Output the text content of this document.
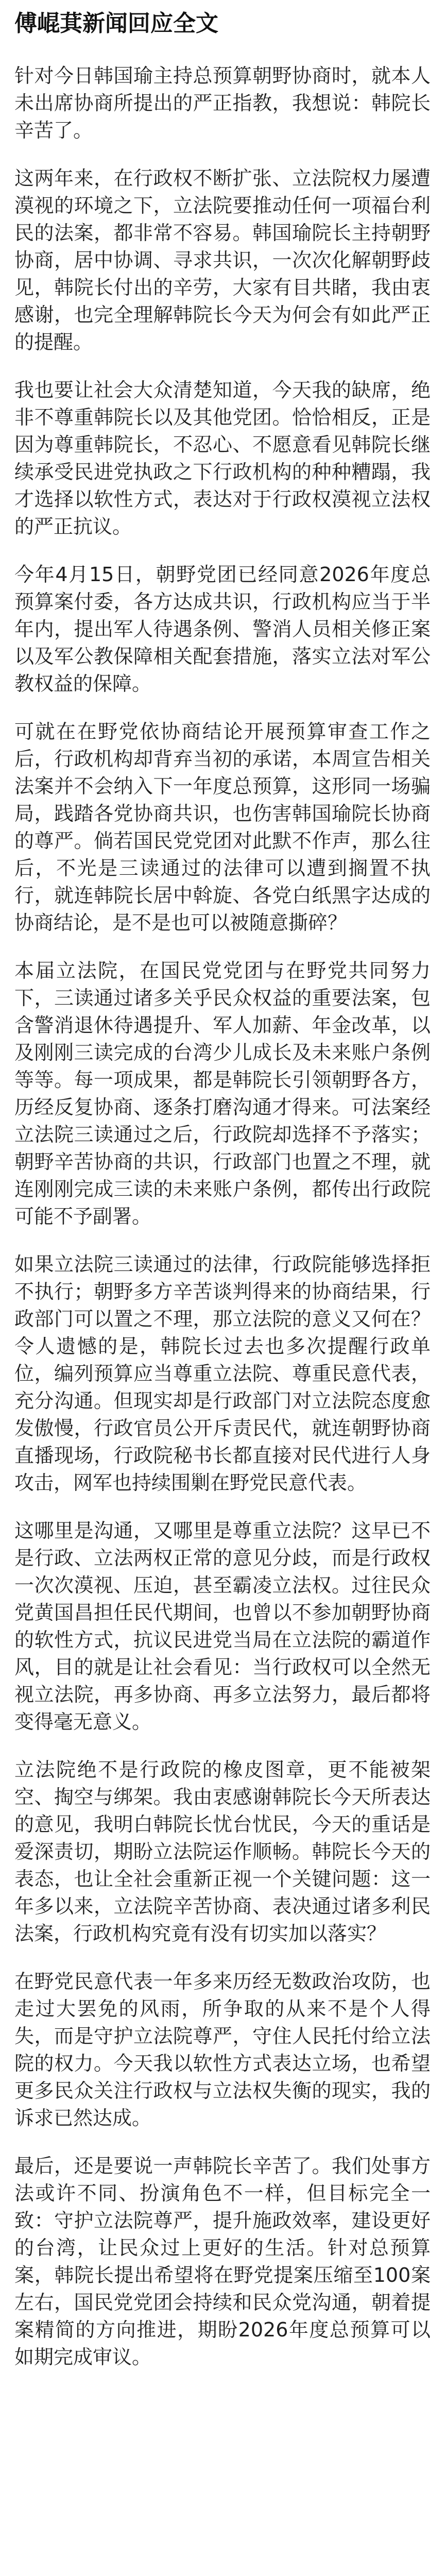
傅崐萁新闻回应全文

针对今日韩国瑜主持总预算朝野协商时，就本人未出席协商所提出的严正指教，我想说：韩院长辛苦了。

这两年来，在行政权不断扩张、立法院权力屡遭漠视的环境之下，立法院要推动任何一项福台利民的法案，都非常不容易。韩国瑜院长主持朝野协商，居中协调、寻求共识，一次次化解朝野歧见，韩院长付出的辛劳，大家有目共睹，我由衷感谢，也完全理解韩院长今天为何会有如此严正的提醒。

我也要让社会大众清楚知道，今天我的缺席，绝非不尊重韩院长以及其他党团。恰恰相反，正是因为尊重韩院长，不忍心、不愿意看见韩院长继续承受民进党执政之下行政机构的种种糟蹋，我才选择以软性方式，表达对于行政权漠视立法权的严正抗议。

今年4月15日，朝野党团已经同意2026年度总预算案付委，各方达成共识，行政机构应当于半年内，提出军人待遇条例、警消人员相关修正案以及军公教保障相关配套措施，落实立法对军公教权益的保障。

可就在在野党依协商结论开展预算审查工作之后，行政机构却背弃当初的承诺，本周宣告相关法案并不会纳入下一年度总预算，这形同一场骗局，践踏各党协商共识，也伤害韩国瑜院长协商的尊严。倘若国民党党团对此默不作声，那么往后，不光是三读通过的法律可以遭到搁置不执行，就连韩院长居中斡旋、各党白纸黑字达成的协商结论，是不是也可以被随意撕碎？

本届立法院，在国民党党团与在野党共同努力下，三读通过诸多关乎民众权益的重要法案，包含警消退休待遇提升、军人加薪、年金改革，以及刚刚三读完成的台湾少儿成长及未来账户条例等等。每一项成果，都是韩院长引领朝野各方，历经反复协商、逐条打磨沟通才得来。可法案经立法院三读通过之后，行政院却选择不予落实；朝野辛苦协商的共识，行政部门也置之不理，就连刚刚完成三读的未来账户条例，都传出行政院可能不予副署。

如果立法院三读通过的法律，行政院能够选择拒不执行；朝野多方辛苦谈判得来的协商结果，行政部门可以置之不理，那立法院的意义又何在？令人遗憾的是，韩院长过去也多次提醒行政单位，编列预算应当尊重立法院、尊重民意代表，充分沟通。但现实却是行政部门对立法院态度愈发傲慢，行政官员公开斥责民代，就连朝野协商直播现场，行政院秘书长都直接对民代进行人身攻击，网军也持续围剿在野党民意代表。

这哪里是沟通，又哪里是尊重立法院？这早已不是行政、立法两权正常的意见分歧，而是行政权一次次漠视、压迫，甚至霸凌立法权。过往民众党黄国昌担任民代期间，也曾以不参加朝野协商的软性方式，抗议民进党当局在立法院的霸道作风，目的就是让社会看见：当行政权可以全然无视立法院，再多协商、再多立法努力，最后都将变得毫无意义。

立法院绝不是行政院的橡皮图章，更不能被架空、掏空与绑架。我由衷感谢韩院长今天所表达的意见，我明白韩院长忧台忧民，今天的重话是爱深责切，期盼立法院运作顺畅。韩院长今天的表态，也让全社会重新正视一个关键问题：这一年多以来，立法院辛苦协商、表决通过诸多利民法案，行政机构究竟有没有切实加以落实？

在野党民意代表一年多来历经无数政治攻防，也走过大罢免的风雨，所争取的从来不是个人得失，而是守护立法院尊严，守住人民托付给立法院的权力。今天我以软性方式表达立场，也希望更多民众关注行政权与立法权失衡的现实，我的诉求已然达成。

最后，还是要说一声韩院长辛苦了。我们处事方法或许不同、扮演角色不一样，但目标完全一致：守护立法院尊严，提升施政效率，建设更好的台湾，让民众过上更好的生活。针对总预算案，韩院长提出希望将在野党提案压缩至100案左右，国民党党团会持续和民众党沟通，朝着提案精简的方向推进，期盼2026年度总预算可以如期完成审议。
